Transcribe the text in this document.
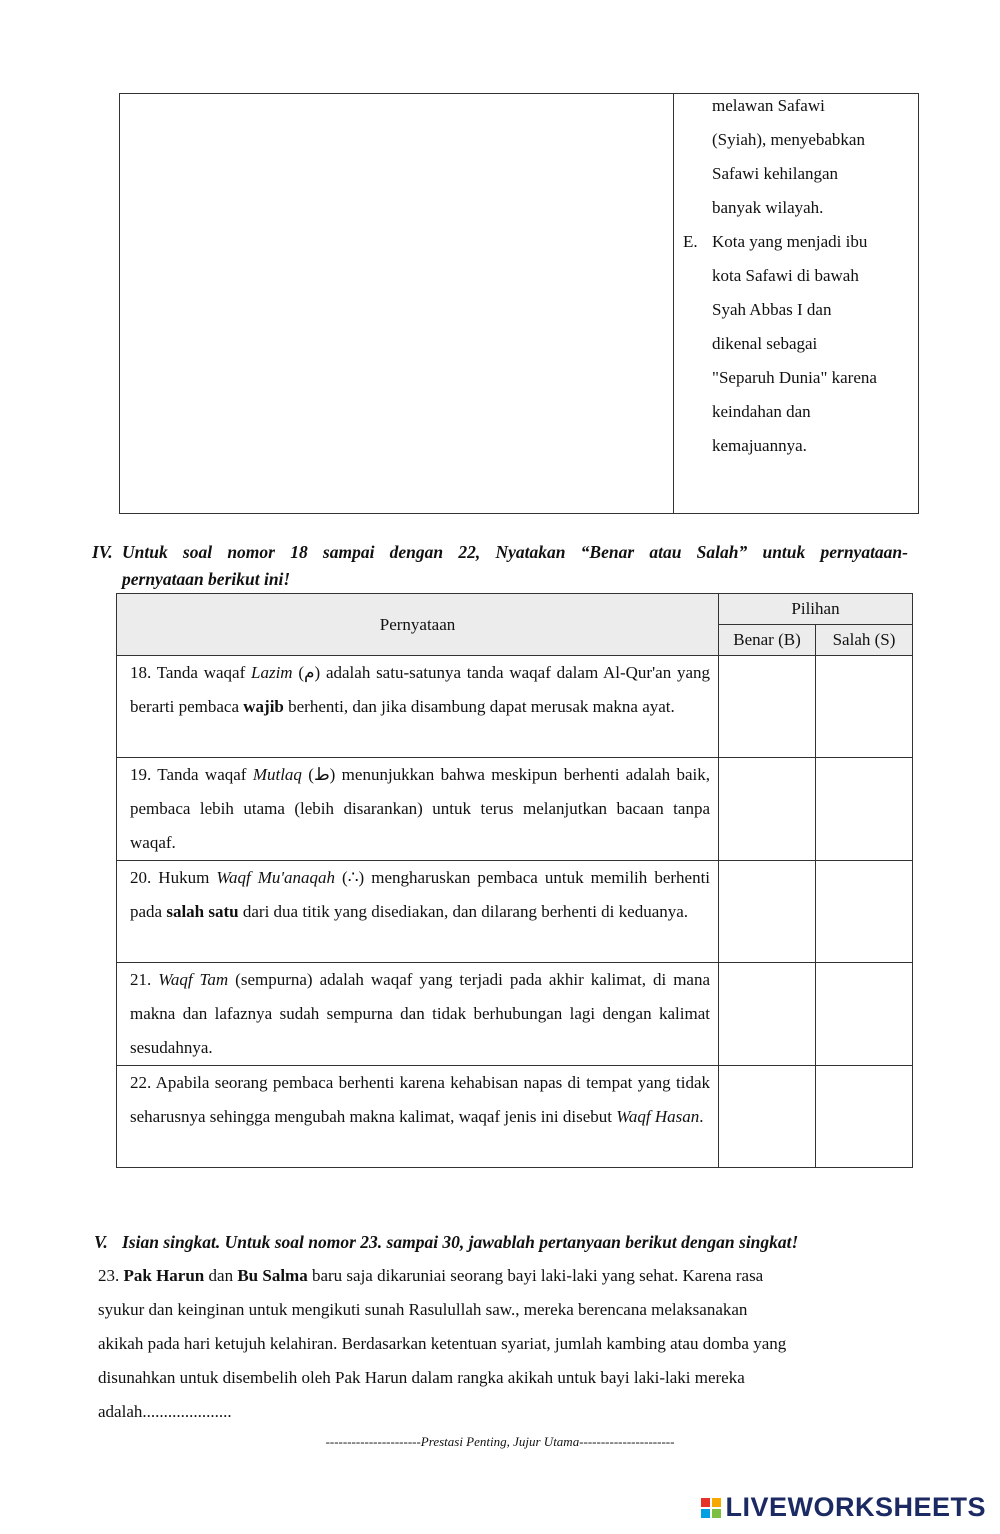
melawan Safawi
(Syiah), menyebabkan
Safawi kehilangan
banyak wilayah.
E. Kota yang menjadi ibu
kota Safawi di bawah
Syah Abbas I dan
dikenal sebagai
"Separuh Dunia" karena
keindahan dan
kemajuannya.
IV. Untuk soal nomor 18 sampai dengan 22, Nyatakan “Benar atau Salah” untuk pernyataan-
pernyataan berikut ini!
Pernyataan	Pilihan	
	Benar (B)	Salah (S)
18. Tanda waqaf Lazim (م) adalah satu-satunya tanda waqaf dalam Al-Qur'an yang berarti pembaca wajib berhenti, dan jika disambung dapat merusak makna ayat.		
19. Tanda waqaf Mutlaq (ط) menunjukkan bahwa meskipun berhenti adalah baik, pembaca lebih utama (lebih disarankan) untuk terus melanjutkan bacaan tanpa waqaf.		
20. Hukum Waqf Mu'anaqah (∴) mengharuskan pembaca untuk memilih berhenti pada salah satu dari dua titik yang disediakan, dan dilarang berhenti di keduanya.		
21. Waqf Tam (sempurna) adalah waqaf yang terjadi pada akhir kalimat, di mana makna dan lafaznya sudah sempurna dan tidak berhubungan lagi dengan kalimat sesudahnya.		
22. Apabila seorang pembaca berhenti karena kehabisan napas di tempat yang tidak seharusnya sehingga mengubah makna kalimat, waqaf jenis ini disebut Waqf Hasan.		
V. Isian singkat. Untuk soal nomor 23. sampai 30, jawablah pertanyaan berikut dengan singkat!
23. Pak Harun dan Bu Salma baru saja dikaruniai seorang bayi laki-laki yang sehat. Karena rasa
syukur dan keinginan untuk mengikuti sunah Rasulullah saw., mereka berencana melaksanakan
akikah pada hari ketujuh kelahiran. Berdasarkan ketentuan syariat, jumlah kambing atau domba yang
disunahkan untuk disembelih oleh Pak Harun dalam rangka akikah untuk bayi laki-laki mereka
adalah.....................
----------------------Prestasi Penting, Jujur Utama----------------------
LIVEWORKSHEETS
